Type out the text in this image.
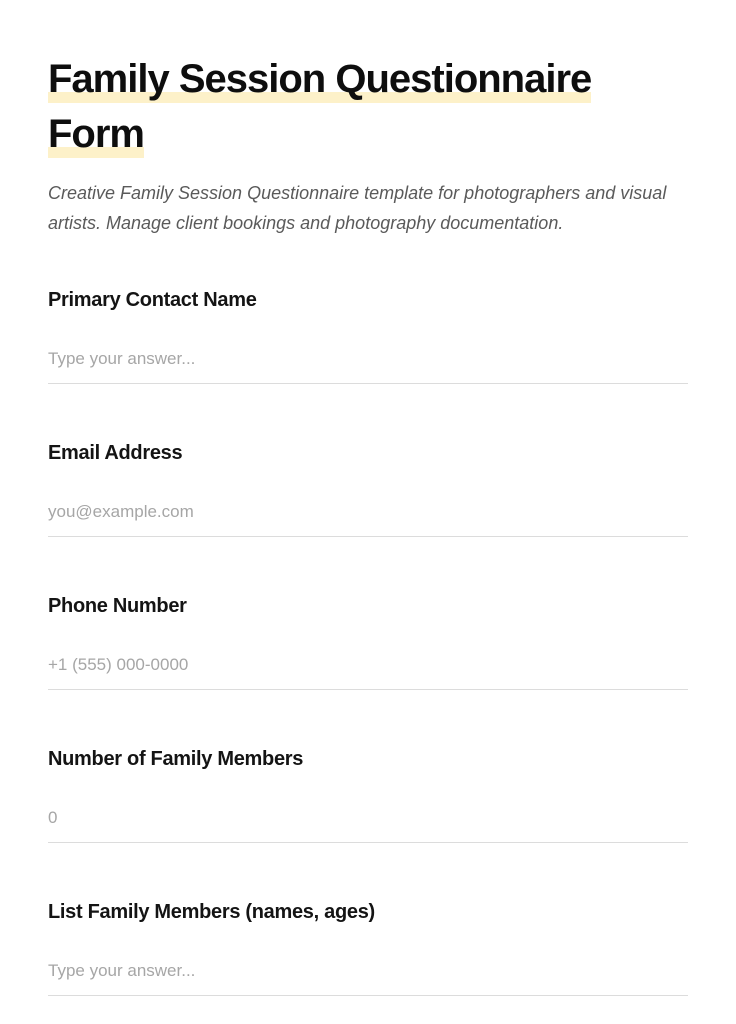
Family Session Questionnaire
Form

Creative Family Session Questionnaire template for photographers and visual artists. Manage client bookings and photography documentation.

Primary Contact Name
Type your answer...
Email Address
you@example.com
Phone Number
+1 (555) 000-0000
Number of Family Members
0
List Family Members (names, ages)
Type your answer...
